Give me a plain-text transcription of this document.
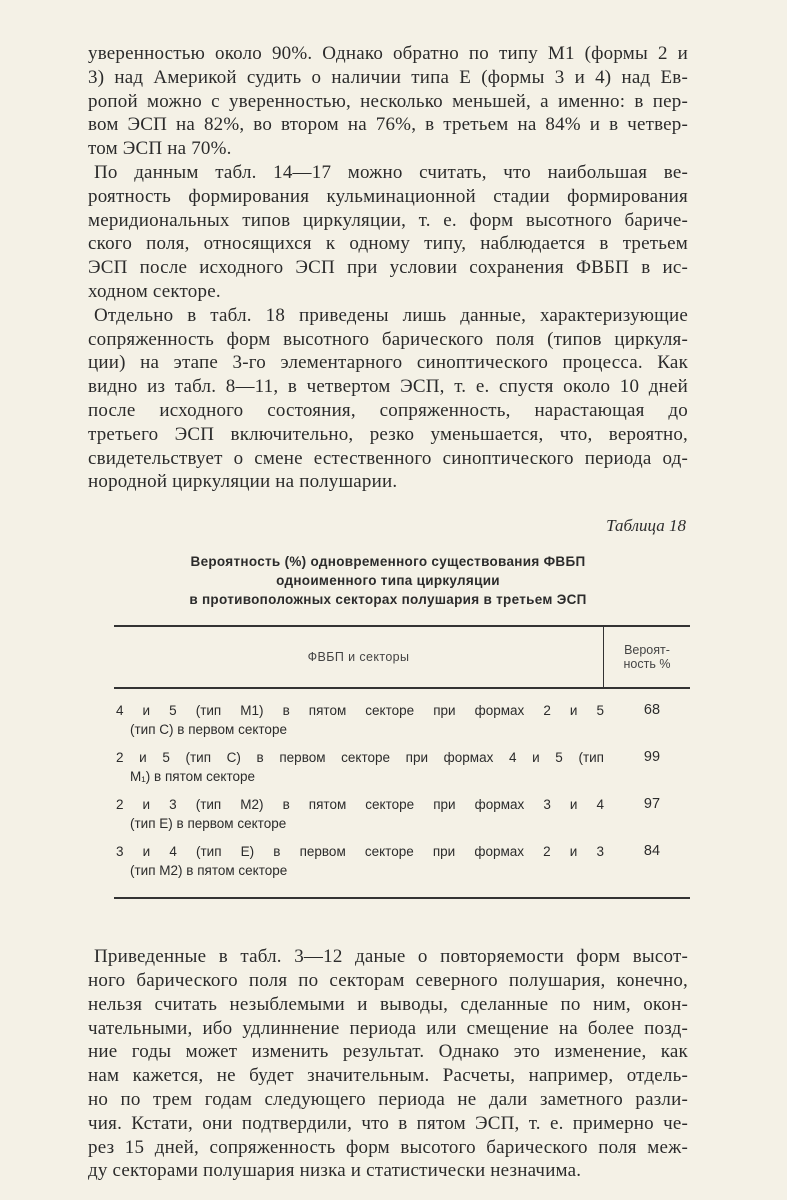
уверенностью около 90%. Однако обратно по типу М1 (формы 2 и
3) над Америкой судить о наличии типа Е (формы 3 и 4) над Ев-
ропой можно с уверенностью, несколько меньшей, а именно: в пер-
вом ЭСП на 82%, во втором на 76%, в третьем на 84% и в четвер-
том ЭСП на 70%.

По данным табл. 14—17 можно считать, что наибольшая ве-
роятность формирования кульминационной стадии формирования
меридиональных типов циркуляции, т. е. форм высотного бариче-
ского поля, относящихся к одному типу, наблюдается в третьем
ЭСП после исходного ЭСП при условии сохранения ФВБП в ис-
ходном секторе.

Отдельно в табл. 18 приведены лишь данные, характеризующие
сопряженность форм высотного барического поля (типов циркуля-
ции) на этапе 3-го элементарного синоптического процесса. Как
видно из табл. 8—11, в четвертом ЭСП, т. е. спустя около 10 дней
после исходного состояния, сопряженность, нарастающая до
третьего ЭСП включительно, резко уменьшается, что, вероятно,
свидетельствует о смене естественного синоптического периода од-
нородной циркуляции на полушарии.

Таблица 18
Вероятность (%) одновременного существования ФВБП
одноименного типа циркуляции
в противоположных секторах полушария в третьем ЭСП
ФВБП и секторы	Вероят-
ность %
4 и 5 (тип М1) в пятом секторе при формах 2 и 5
(тип С) в первом секторе
68
2 и 5 (тип С) в первом секторе при формах 4 и 5 (тип
М₁) в пятом секторе
99
2 и 3 (тип М2) в пятом секторе при формах 3 и 4
(тип Е) в первом секторе
97
3 и 4 (тип Е) в первом секторе при формах 2 и 3
(тип М2) в пятом секторе
84

Приведенные в табл. 3—12 даные о повторяемости форм высот-
ного барического поля по секторам северного полушария, конечно,
нельзя считать незыблемыми и выводы, сделанные по ним, окон-
чательными, ибо удлиннение периода или смещение на более позд-
ние годы может изменить результат. Однако это изменение, как
нам кажется, не будет значительным. Расчеты, например, отдель-
но по трем годам следующего периода не дали заметного разли-
чия. Кстати, они подтвердили, что в пятом ЭСП, т. е. примерно че-
рез 15 дней, сопряженность форм высотого барического поля меж-
ду секторами полушария низка и статистически незначима.
